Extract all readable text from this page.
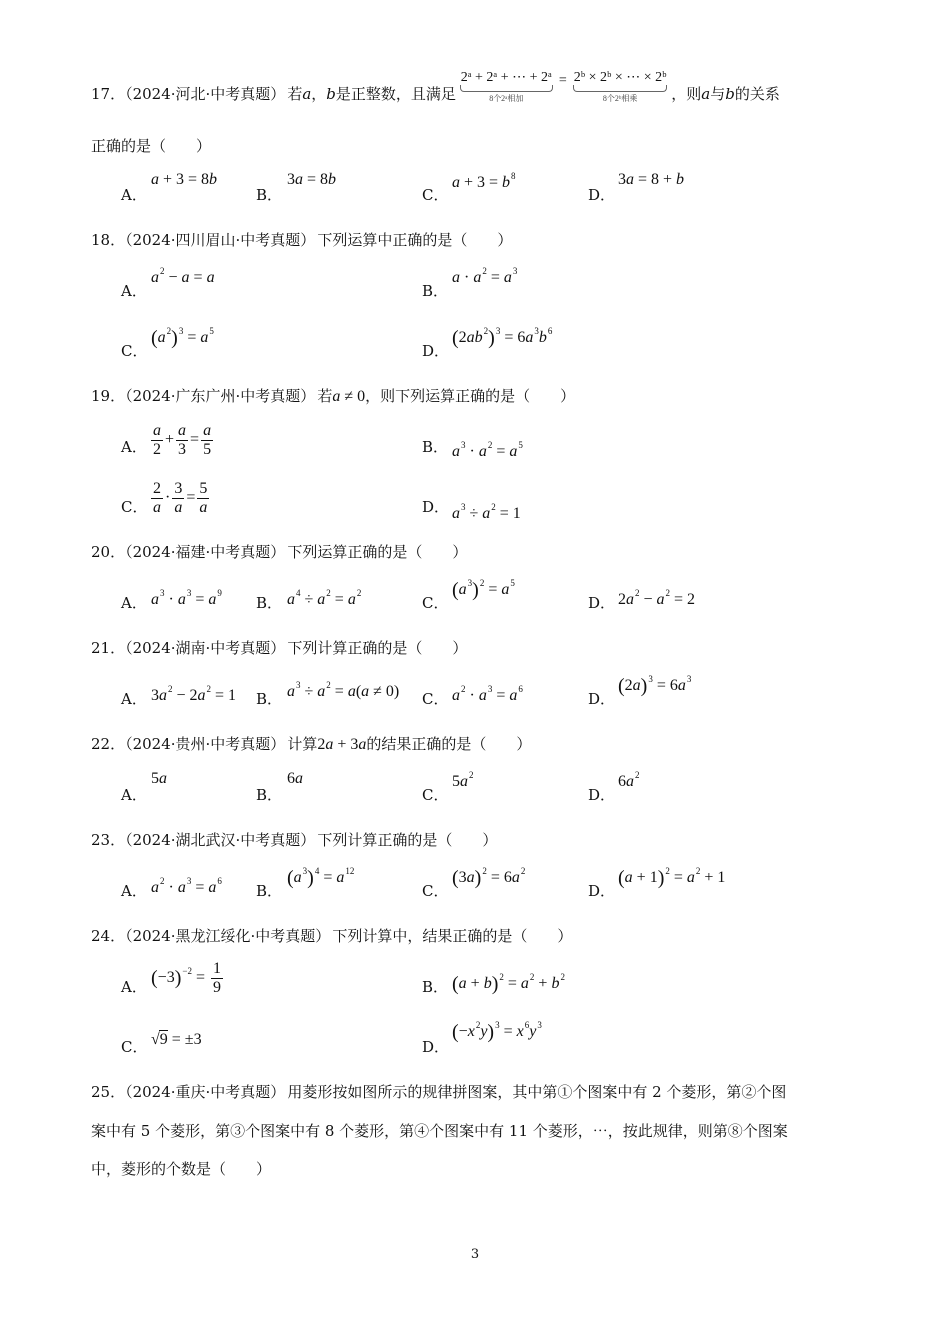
17．（2024·河北·中考真题） 若a，b是正整数，且满足
2ᵃ + 2ᵃ + ⋯ + 2ᵃ
8个2ᵃ相加
= 2ᵇ × 2ᵇ × ⋯ × 2ᵇ
8个2ᵇ相乘 ，则a与b的关系
正确的是（　　）
A．
a + 3 = 8b
B．
3a = 8b
C．
$a + 3 = b^8$
D．
3a = 8 + b
18．（2024·四川眉山·中考真题） 下列运算中正确的是（　　）
A．
$a^2 - a = a$
B．
$a \cdot a^2 = a^3$
C．
$(a^2)^3 = a^5$
D．
$(2ab^2)^3 = 6a^3b^6$
19．（2024·广东广州·中考真题） 若a ≠ 0，则下列运算正确的是（　　）
A． $\frac{a}{2} + \frac{a}{3} = \frac{a}{5}$	B． $a^3 \cdot a^2 = a^5$
C． $\frac{2}{a} \cdot \frac{3}{a} = \frac{5}{a}$	D． $a^3 \div a^2 = 1$
20．（2024·福建·中考真题） 下列运算正确的是（　　）
A． $a^3 \cdot a^3 = a^9$
B． $a^4 \div a^2 = a^2$
C．
$(a^3)^2 = a^5$
D． $2a^2 - a^2 = 2$
21．（2024·湖南·中考真题） 下列计算正确的是（　　）
A． $3a^2 - 2a^2 = 1$ B． $a^3 \div a^2 = a(a \ne 0)$ C． $a^2 \cdot a^3 = a^6$
D．
$(2a)^3 = 6a^3$
22．（2024·贵州·中考真题） 计算2a + 3a的结果正确的是（　　）
A．
5a
B．
6a
C．
$5a^2$
D．
$6a^2$
23．（2024·湖北武汉·中考真题） 下列计算正确的是（　　）
A． $a^2 \cdot a^3 = a^6$
B．
$(a^3)^4 = a^{12}$
C．
$(3a)^2 = 6a^2$
D．
$(a + 1)^2 = a^2 + 1$
24．（2024·黑龙江绥化·中考真题） 下列计算中，结果正确的是（　　）
A． $(-3)^{-2} = \frac{1}{9}$	B． $(a + b)^2 = a^2 + b^2$
C． √9 = ±3	D．
$(-x^2y)^3 = x^6y^3$
25．（2024·重庆·中考真题） 用菱形按如图所示的规律拼图案，其中第①个图案中有 2 个菱形，第②个图
案中有 5 个菱形，第③个图案中有 8 个菱形，第④个图案中有 11 个菱形，⋯，按此规律，则第⑧个图案
中，菱形的个数是（　　）
3
